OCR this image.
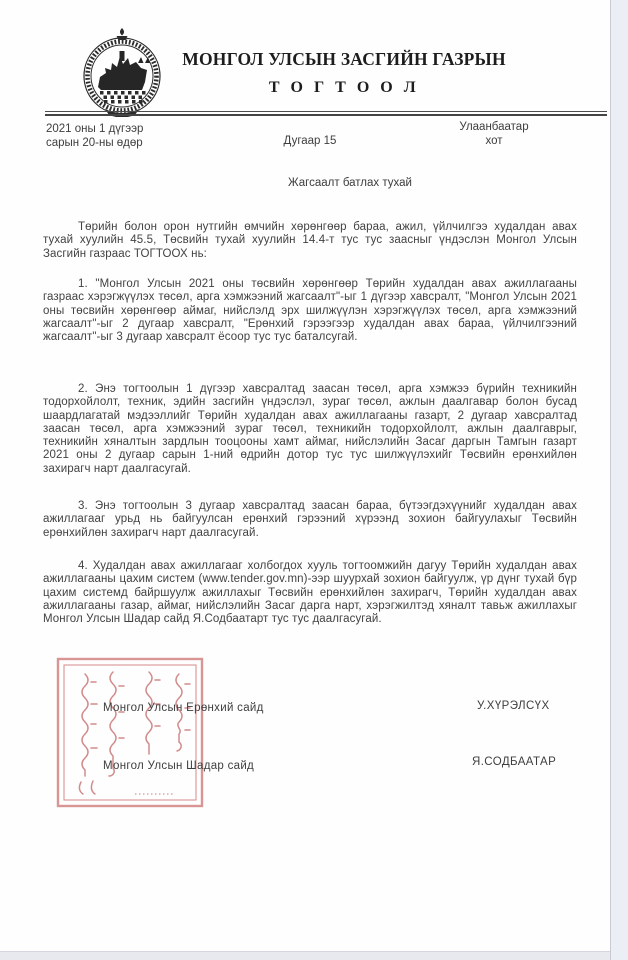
МОНГОЛ УЛСЫН ЗАСГИЙН ГАЗРЫН
Т О Г Т О О Л
2021 оны 1 дүгээр
сарын 20-ны өдөр	Дугаар 15
Улаанбаатар
хот
Жагсаалт батлах тухай
Төрийн болон орон нутгийн өмчийн хөрөнгөөр бараа, ажил, үйлчилгээ худалдан авах тухай хуулийн 45.5, Төсвийн тухай хуулийн 14.4-т тус тус заасныг үндэслэн Монгол Улсын Засгийн газраас ТОГТООХ нь:
1. "Монгол Улсын 2021 оны төсвийн хөрөнгөөр Төрийн худалдан авах ажиллагааны газраас хэрэгжүүлэх төсөл, арга хэмжээний жагсаалт"-ыг 1 дүгээр хавсралт, "Монгол Улсын 2021 оны төсвийн хөрөнгөөр аймаг, нийслэлд эрх шилжүүлэн хэрэгжүүлэх төсөл, арга хэмжээний жагсаалт"-ыг 2 дугаар хавсралт, "Ерөнхий гэрээгээр худалдан авах бараа, үйлчилгээний жагсаалт"-ыг 3 дугаар хавсралт ёсоор тус тус баталсугай.
2. Энэ тогтоолын 1 дүгээр хавсралтад заасан төсөл, арга хэмжээ бүрийн техникийн тодорхойлолт, техник, эдийн засгийн үндэслэл, зураг төсөл, ажлын даалгавар болон бусад шаардлагатай мэдээллийг Төрийн худалдан авах ажиллагааны газарт, 2 дугаар хавсралтад заасан төсөл, арга хэмжээний зураг төсөл, техникийн тодорхойлолт, ажлын даалгаврыг, техникийн хяналтын зардлын тооцооны хамт аймаг, нийслэлийн Засаг даргын Тамгын газарт 2021 оны 2 дугаар сарын 1-ний өдрийн дотор тус тус шилжүүлэхийг Төсвийн ерөнхийлөн захирагч нарт даалгасугай.
3. Энэ тогтоолын 3 дугаар хавсралтад заасан бараа, бүтээгдэхүүнийг худалдан авах ажиллагааг урьд нь байгуулсан ерөнхий гэрээний хүрээнд зохион байгуулахыг Төсвийн ерөнхийлөн захирагч нарт даалгасугай.
4. Худалдан авах ажиллагааг холбогдох хууль тогтоомжийн дагуу Төрийн худалдан авах ажиллагааны цахим систем (www.tender.gov.mn)-ээр шуурхай зохион байгуулж, үр дүнг тухай бүр цахим системд байршуулж ажиллахыг Төсвийн ерөнхийлөн захирагч, Төрийн худалдан авах ажиллагааны газар, аймаг, нийслэлийн Засаг дарга нарт, хэрэгжилтэд хяналт тавьж ажиллахыг Монгол Улсын Шадар сайд Я.Содбаатарт тус тус даалгасугай.
Монгол Улсын Ерөнхий сайд	У.ХҮРЭЛСҮХ
Монгол Улсын Шадар сайд	Я.СОДБААТАР
